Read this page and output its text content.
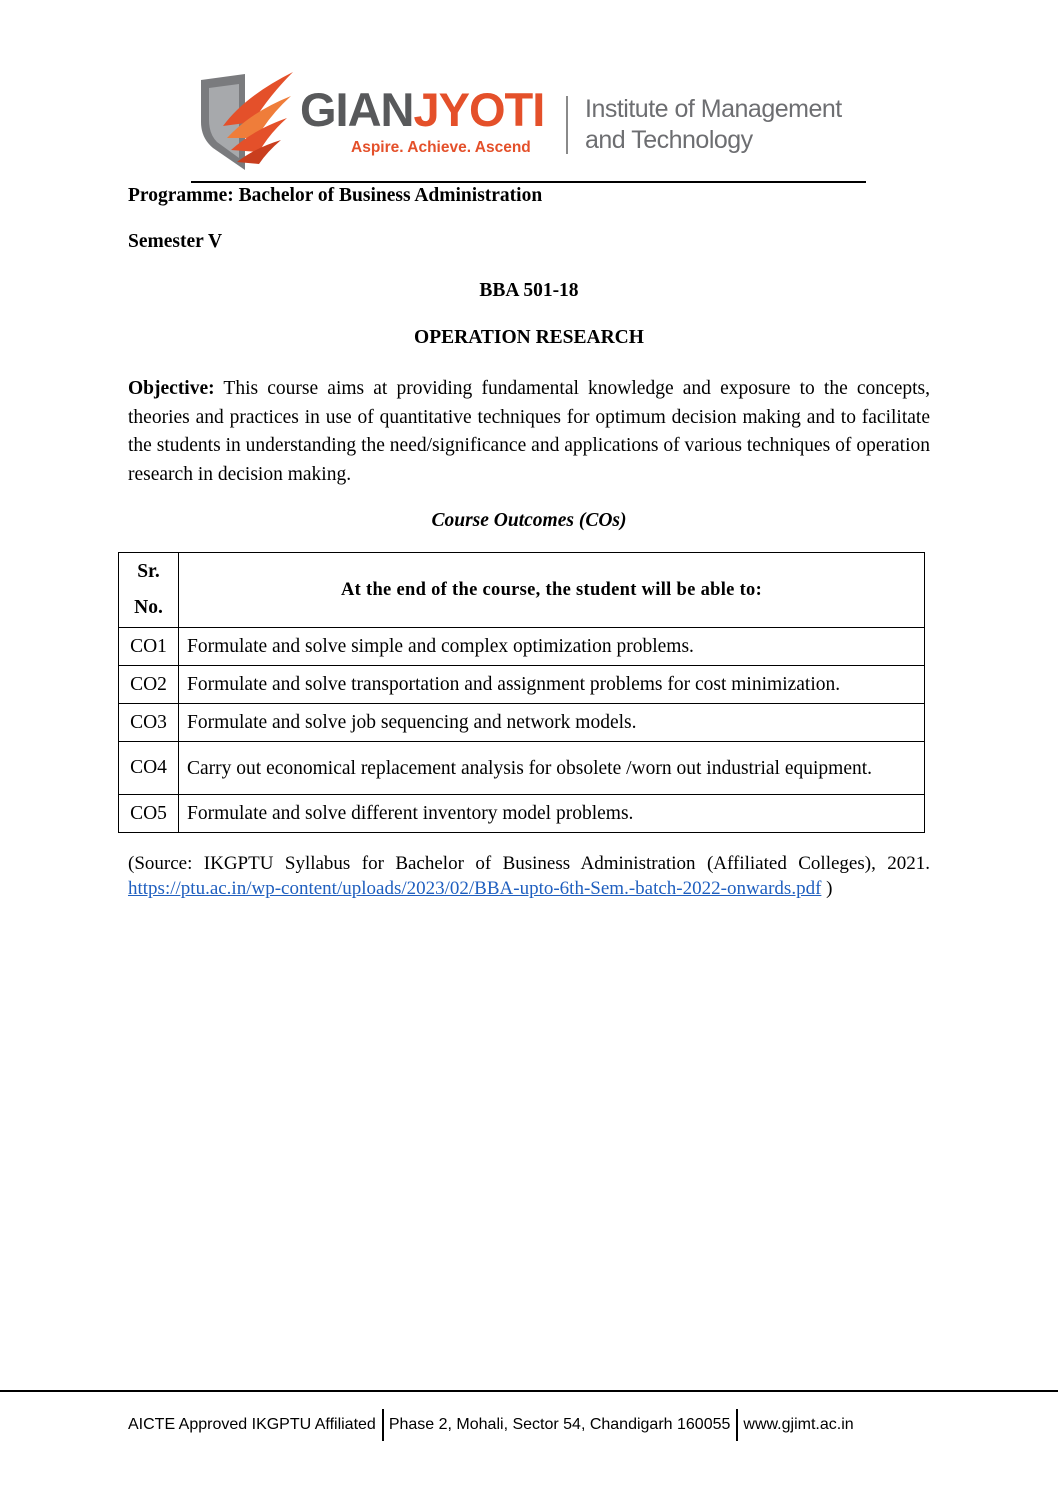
GIANJYOTI
Aspire. Achieve. Ascend
Institute of Management
and Technology
Programme: Bachelor of Business Administration
Semester V
BBA 501-18
OPERATION RESEARCH
Objective: This course aims at providing fundamental knowledge and exposure to the concepts, theories and practices in use of quantitative techniques for optimum decision making and to facilitate the students in understanding the need/significance and applications of various techniques of operation research in decision making.
Course Outcomes (COs)
Sr.
No.	At the end of the course, the student will be able to:
CO1	Formulate and solve simple and complex optimization problems.
CO2	Formulate and solve transportation and assignment problems for cost minimization.
CO3	Formulate and solve job sequencing and network models.
CO4	Carry out economical replacement analysis for obsolete /worn out industrial equipment.
CO5	Formulate and solve different inventory model problems.
(Source: IKGPTU Syllabus for Bachelor of Business Administration (Affiliated Colleges), 2021. https://ptu.ac.in/wp-content/uploads/2023/02/BBA-upto-6th-Sem.-batch-2022-onwards.pdf )
AICTE Approved IKGPTU Affiliated Phase 2, Mohali, Sector 54, Chandigarh 160055 www.gjimt.ac.in
